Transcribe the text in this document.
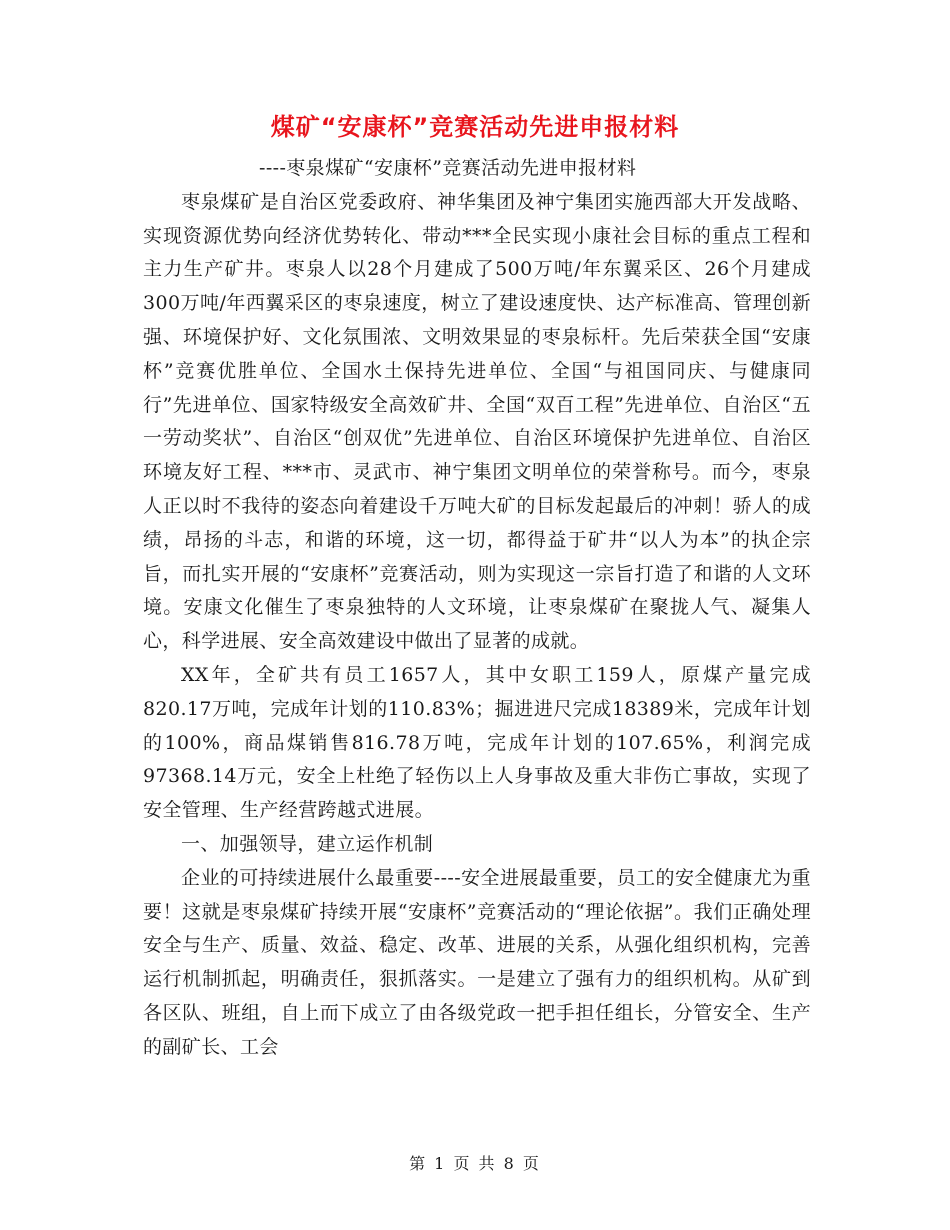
煤矿“安康杯”竞赛活动先进申报材料

----枣泉煤矿“安康杯”竞赛活动先进申报材料

枣泉煤矿是自治区党委政府、神华集团及神宁集团实施西部大开发战略、实现资源优势向经济优势转化、带动***全民实现小康社会目标的重点工程和主力生产矿井。枣泉人以28个月建成了500万吨/年东翼采区、26个月建成300万吨/年西翼采区的枣泉速度，树立了建设速度快、达产标准高、管理创新强、环境保护好、文化氛围浓、文明效果显的枣泉标杆。先后荣获全国“安康杯”竞赛优胜单位、全国水土保持先进单位、全国“与祖国同庆、与健康同行”先进单位、国家特级安全高效矿井、全国“双百工程”先进单位、自治区“五一劳动奖状”、自治区“创双优”先进单位、自治区环境保护先进单位、自治区环境友好工程、***市、灵武市、神宁集团文明单位的荣誉称号。而今，枣泉人正以时不我待的姿态向着建设千万吨大矿的目标发起最后的冲刺！骄人的成绩，昂扬的斗志，和谐的环境，这一切，都得益于矿井“以人为本”的执企宗旨，而扎实开展的“安康杯”竞赛活动，则为实现这一宗旨打造了和谐的人文环境。安康文化催生了枣泉独特的人文环境，让枣泉煤矿在聚拢人气、凝集人心，科学进展、安全高效建设中做出了显著的成就。

XX年，全矿共有员工1657人，其中女职工159人，原煤产量完成820.17万吨，完成年计划的110.83%；掘进进尺完成18389米，完成年计划的100%，商品煤销售816.78万吨，完成年计划的107.65%，利润完成97368.14万元，安全上杜绝了轻伤以上人身事故及重大非伤亡事故，实现了安全管理、生产经营跨越式进展。

一、加强领导，建立运作机制

企业的可持续进展什么最重要----安全进展最重要，员工的安全健康尤为重要！这就是枣泉煤矿持续开展“安康杯”竞赛活动的“理论依据”。我们正确处理安全与生产、质量、效益、稳定、改革、进展的关系，从强化组织机构，完善运行机制抓起，明确责任，狠抓落实。一是建立了强有力的组织机构。从矿到各区队、班组，自上而下成立了由各级党政一把手担任组长，分管安全、生产的副矿长、工会

第 1 页 共 8 页
